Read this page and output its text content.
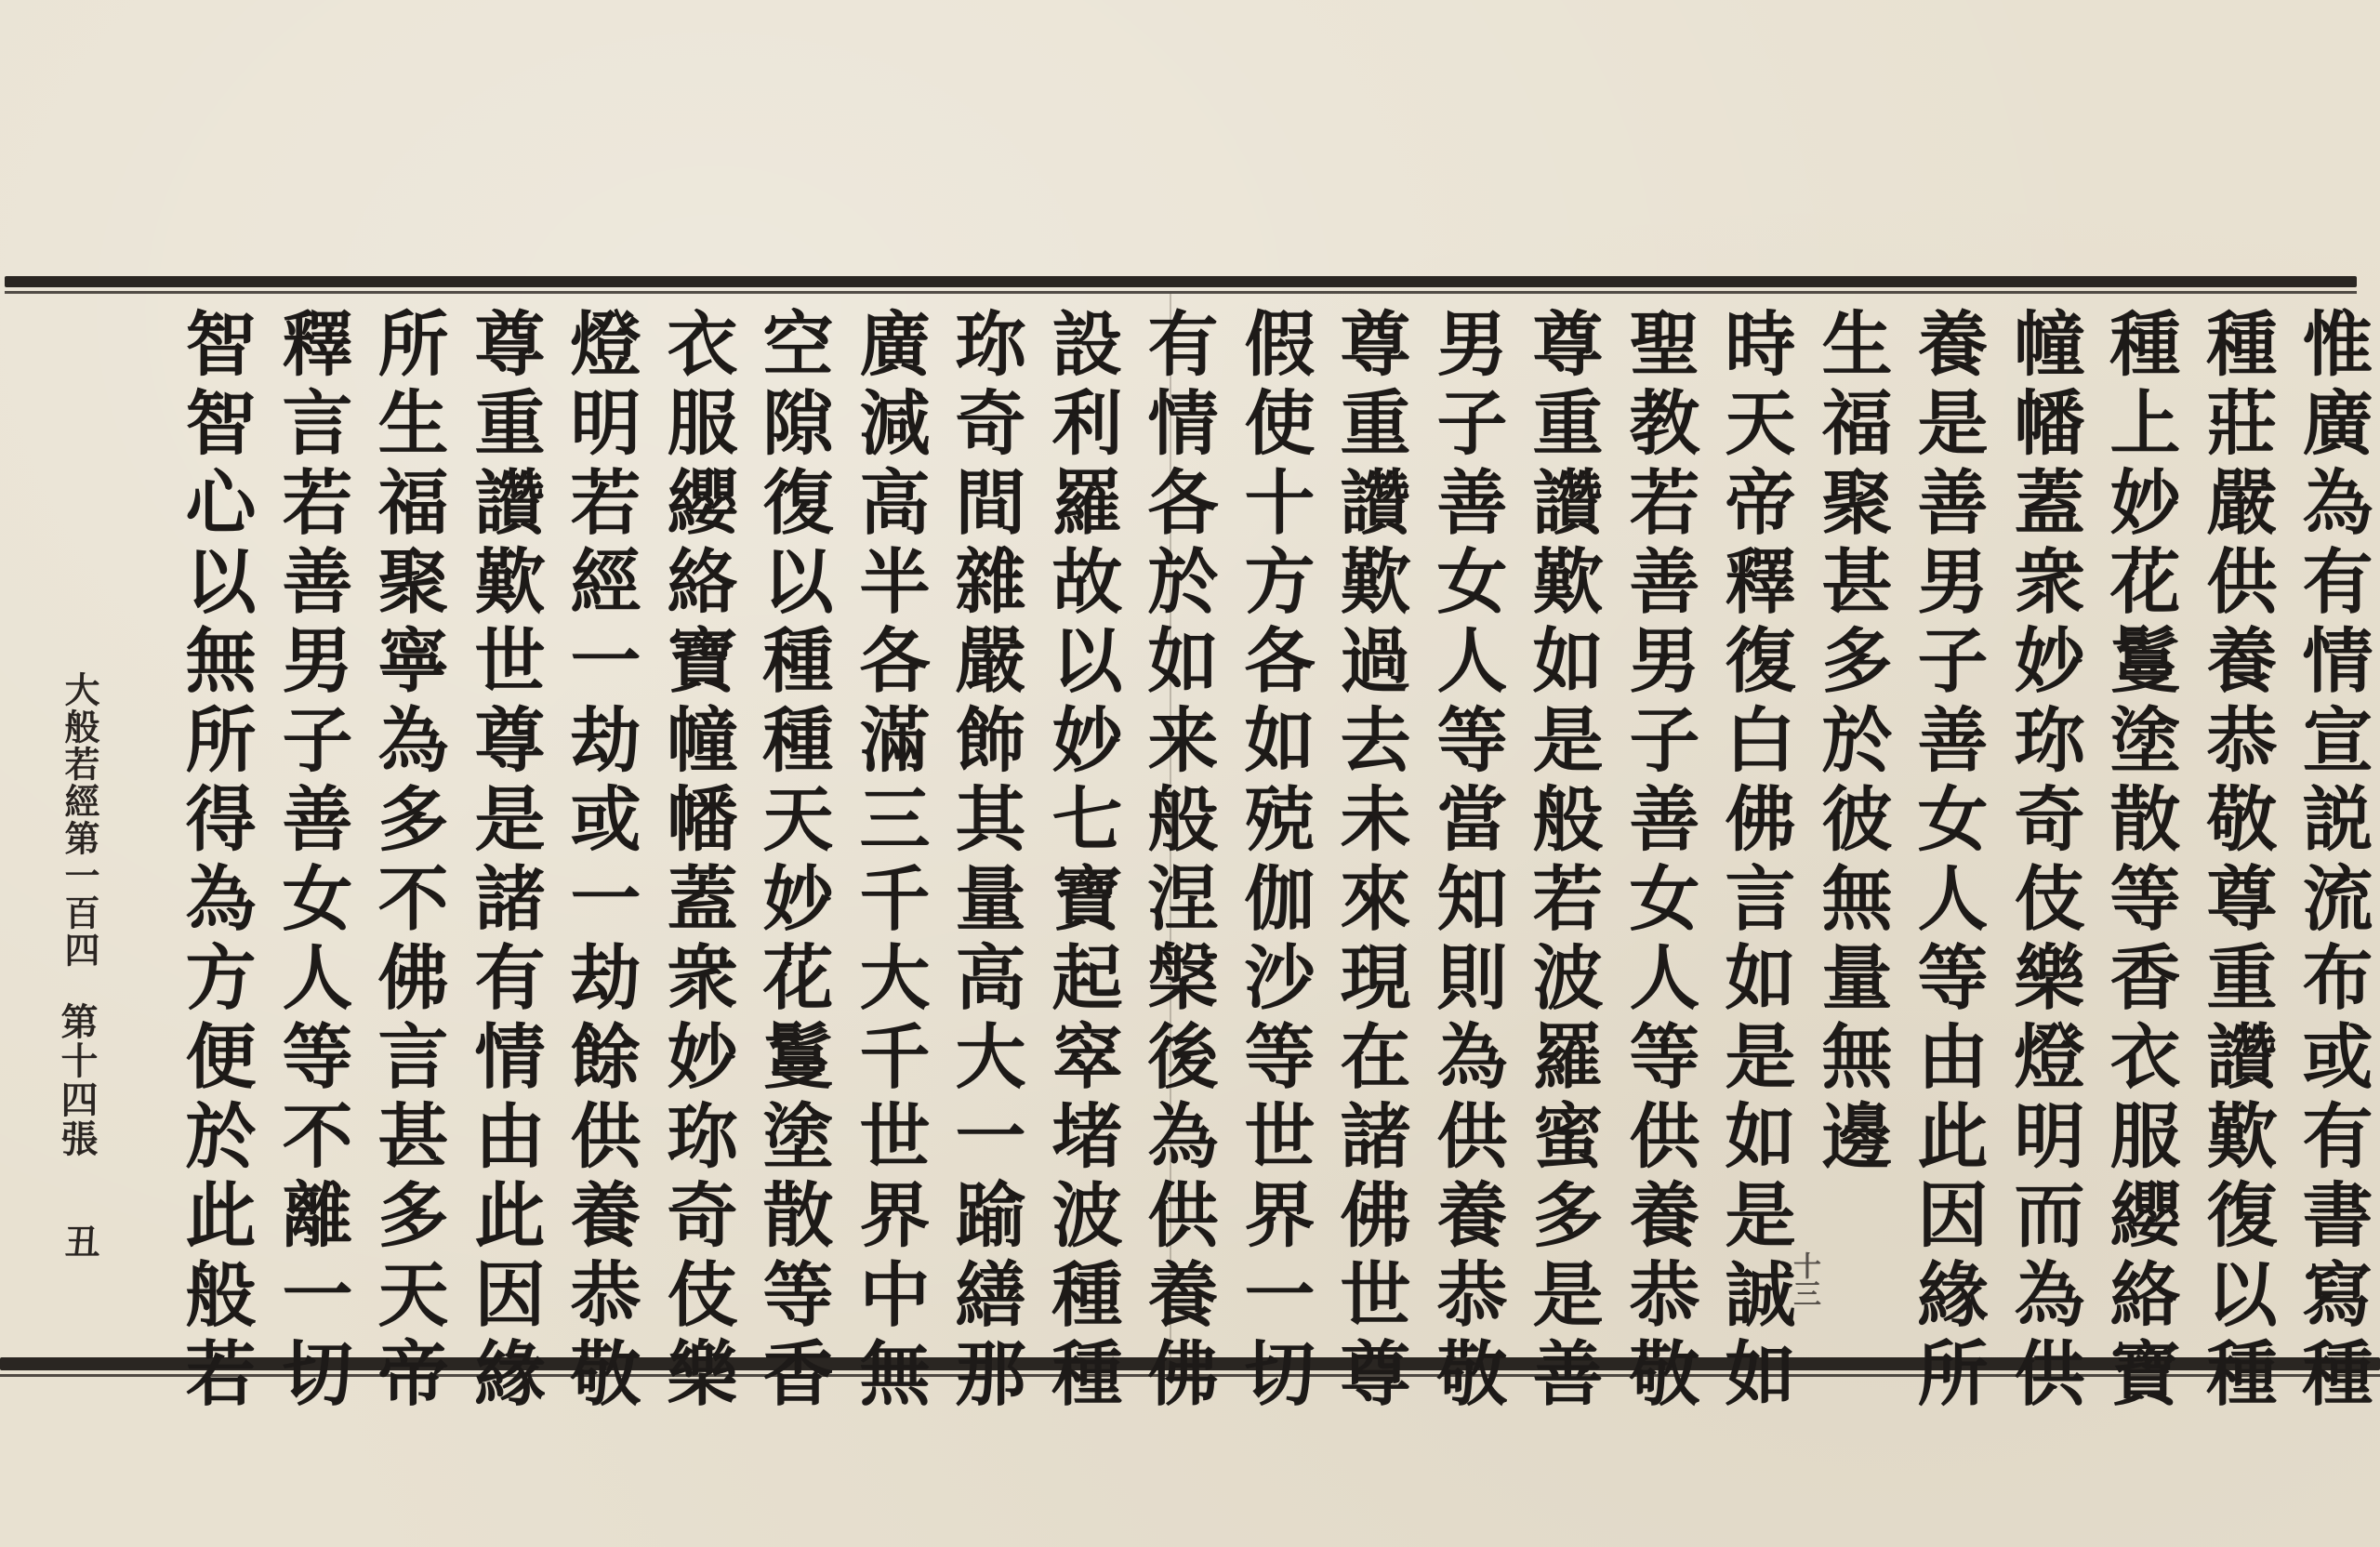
惟廣為有情宣説流布或有書寫種
種莊嚴供養恭敬尊重讚歎復以種
種上妙花鬘塗散等香衣服纓絡寶
幢幡蓋衆妙珎奇伎樂燈明而為供
養是善男子善女人等由此因緣所
生福聚甚多於彼無量無邊
時天帝釋復白佛言如是如是誠如
聖教若善男子善女人等供養恭敬
尊重讚歎如是般若波羅蜜多是善
男子善女人等當知則為供養恭敬
尊重讚歎過去未來現在諸佛世尊
假使十方各如殑伽沙等世界一切
有情各於如来般涅槃後為供養佛
設利羅故以妙七寶起窣堵波種種
珎奇間雜嚴飾其量高大一踰繕那
廣減高半各滿三千大千世界中無
空隙復以種種天妙花鬘塗散等香
衣服纓絡寶幢幡蓋衆妙珎奇伎樂
燈明若經一劫或一劫餘供養恭敬
尊重讚歎世尊是諸有情由此因緣
所生福聚寧為多不佛言甚多天帝
釋言若善男子善女人等不離一切
智智心以無所得為方便於此般若
大般若經第一百四
第十四張
丑
十三
